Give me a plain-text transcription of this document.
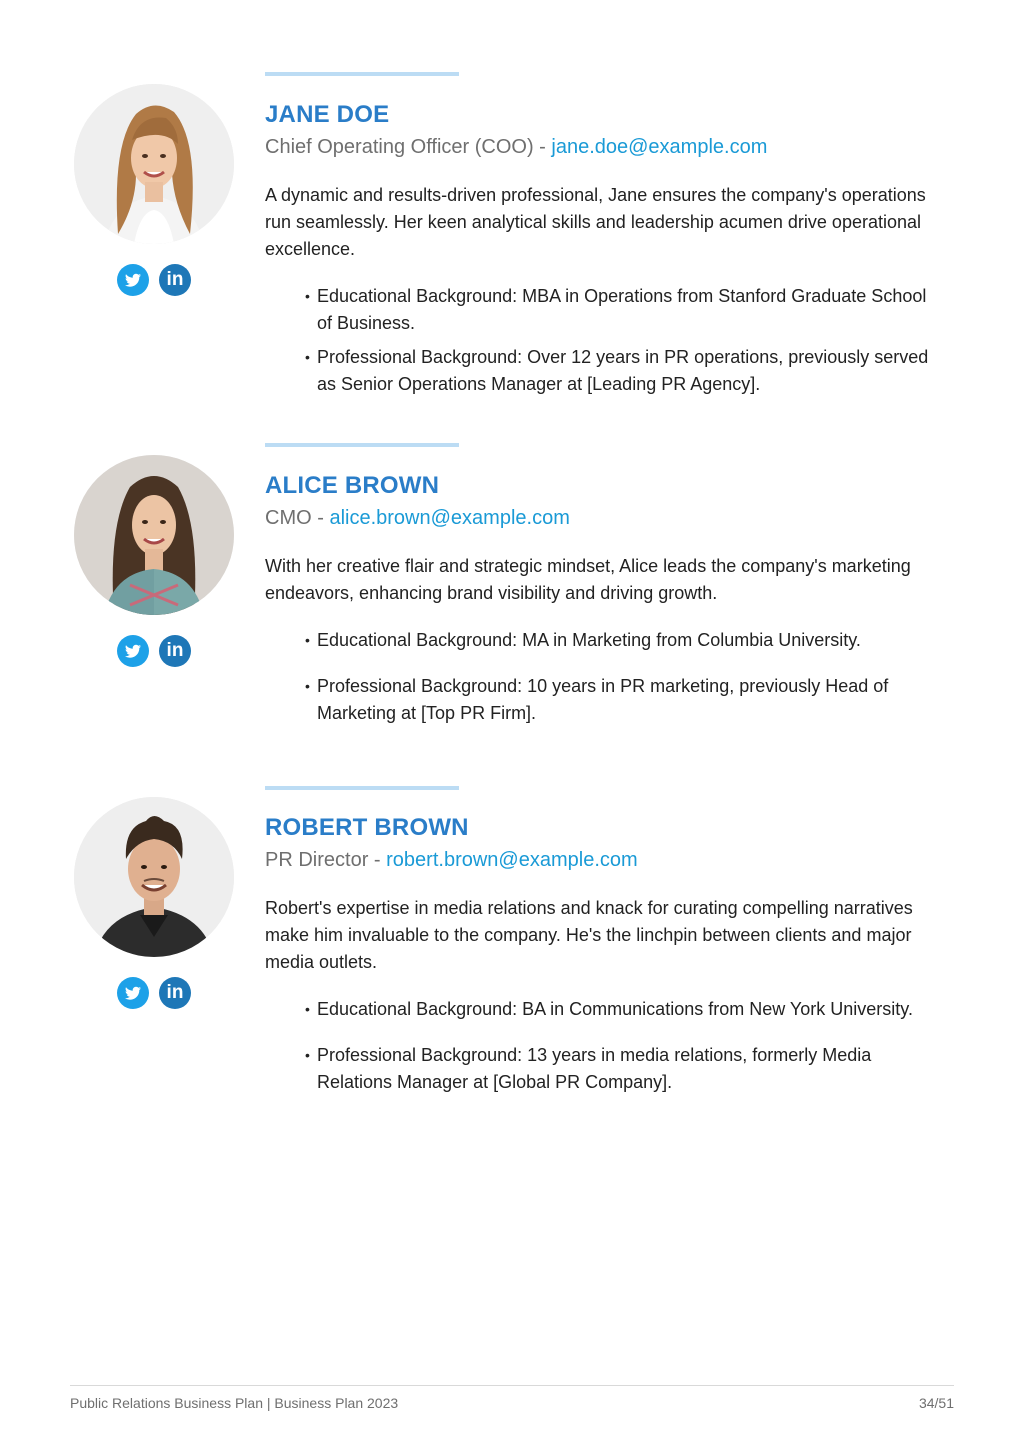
in
JANE DOE
Chief Operating Officer (COO) - jane.doe@example.com
A dynamic and results-driven professional, Jane ensures the company's operations run seamlessly. Her keen analytical skills and leadership acumen drive operational excellence.
• Educational Background: MBA in Operations from Stanford Graduate School of Business.
• Professional Background: Over 12 years in PR operations, previously served as Senior Operations Manager at [Leading PR Agency].
in
ALICE BROWN
CMO - alice.brown@example.com
With her creative flair and strategic mindset, Alice leads the company's marketing endeavors, enhancing brand visibility and driving growth.
• Educational Background: MA in Marketing from Columbia University.
• Professional Background: 10 years in PR marketing, previously Head of Marketing at [Top PR Firm].
in
ROBERT BROWN
PR Director - robert.brown@example.com
Robert's expertise in media relations and knack for curating compelling narratives make him invaluable to the company. He's the linchpin between clients and major media outlets.
• Educational Background: BA in Communications from New York University.
• Professional Background: 13 years in media relations, formerly Media Relations Manager at [Global PR Company].
Public Relations Business Plan | Business Plan 2023	34/51
